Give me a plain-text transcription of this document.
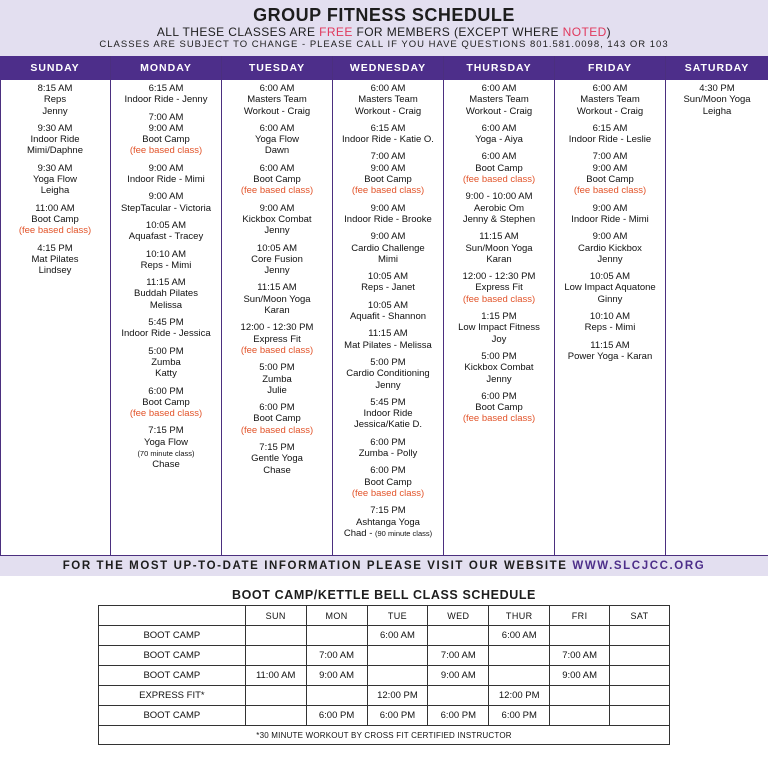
GROUP FITNESS SCHEDULE
ALL THESE CLASSES ARE FREE FOR MEMBERS (EXCEPT WHERE NOTED)
CLASSES ARE SUBJECT TO CHANGE - PLEASE CALL IF YOU HAVE QUESTIONS 801.581.0098, 143 OR 103
SUNDAY
8:15 AM
Reps
Jenny
9:30 AM
Indoor Ride
Mimi/Daphne
9:30 AM
Yoga Flow
Leigha
11:00 AM
Boot Camp
(fee based class)
4:15 PM
Mat Pilates
Lindsey
MONDAY
6:15 AM
Indoor Ride - Jenny
7:00 AM
9:00 AM
Boot Camp
(fee based class)
9:00 AM
Indoor Ride - Mimi
9:00 AM
StepTacular - Victoria
10:05 AM
Aquafast - Tracey
10:10 AM
Reps - Mimi
11:15 AM
Buddah Pilates
Melissa
5:45 PM
Indoor Ride - Jessica
5:00 PM
Zumba
Katty
6:00 PM
Boot Camp
(fee based class)
7:15 PM
Yoga Flow
(70 minute class)
Chase
TUESDAY
6:00 AM
Masters Team
Workout - Craig
6:00 AM
Yoga Flow
Dawn
6:00 AM
Boot Camp
(fee based class)
9:00 AM
Kickbox Combat
Jenny
10:05 AM
Core Fusion
Jenny
11:15 AM
Sun/Moon Yoga
Karan
12:00 - 12:30 PM
Express Fit
(fee based class)
5:00 PM
Zumba
Julie
6:00 PM
Boot Camp
(fee based class)
7:15 PM
Gentle Yoga
Chase
WEDNESDAY
6:00 AM
Masters Team
Workout - Craig
6:15 AM
Indoor Ride - Katie O.
7:00 AM
9:00 AM
Boot Camp
(fee based class)
9:00 AM
Indoor Ride - Brooke
9:00 AM
Cardio Challenge
Mimi
10:05 AM
Reps - Janet
10:05 AM
Aquafit - Shannon
11:15 AM
Mat Pilates - Melissa
5:00 PM
Cardio Conditioning
Jenny
5:45 PM
Indoor Ride
Jessica/Katie D.
6:00 PM
Zumba - Polly
6:00 PM
Boot Camp
(fee based class)
7:15 PM
Ashtanga Yoga
Chad - (90 minute class)
THURSDAY
6:00 AM
Masters Team
Workout - Craig
6:00 AM
Yoga - Aiya
6:00 AM
Boot Camp
(fee based class)
9:00 - 10:00 AM
Aerobic Om
Jenny & Stephen
11:15 AM
Sun/Moon Yoga
Karan
12:00 - 12:30 PM
Express Fit
(fee based class)
1:15 PM
Low Impact Fitness
Joy
5:00 PM
Kickbox Combat
Jenny
6:00 PM
Boot Camp
(fee based class)
FRIDAY
6:00 AM
Masters Team
Workout - Craig
6:15 AM
Indoor Ride - Leslie
7:00 AM
9:00 AM
Boot Camp
(fee based class)
9:00 AM
Indoor Ride - Mimi
9:00 AM
Cardio Kickbox
Jenny
10:05 AM
Low Impact Aquatone
Ginny
10:10 AM
Reps - Mimi
11:15 AM
Power Yoga - Karan
SATURDAY
4:30 PM
Sun/Moon Yoga
Leigha
FOR THE MOST UP-TO-DATE INFORMATION PLEASE VISIT OUR WEBSITE WWW.SLCJCC.ORG
BOOT CAMP/KETTLE BELL CLASS SCHEDULE
	SUN	MON	TUE	WED	THUR	FRI	SAT
BOOT CAMP			6:00 AM		6:00 AM		
BOOT CAMP		7:00 AM		7:00 AM		7:00 AM	
BOOT CAMP	11:00 AM	9:00 AM		9:00 AM		9:00 AM	
EXPRESS FIT*			12:00 PM		12:00 PM		
BOOT CAMP		6:00 PM	6:00 PM	6:00 PM	6:00 PM		
*30 MINUTE WORKOUT BY CROSS FIT CERTIFIED INSTRUCTOR							
